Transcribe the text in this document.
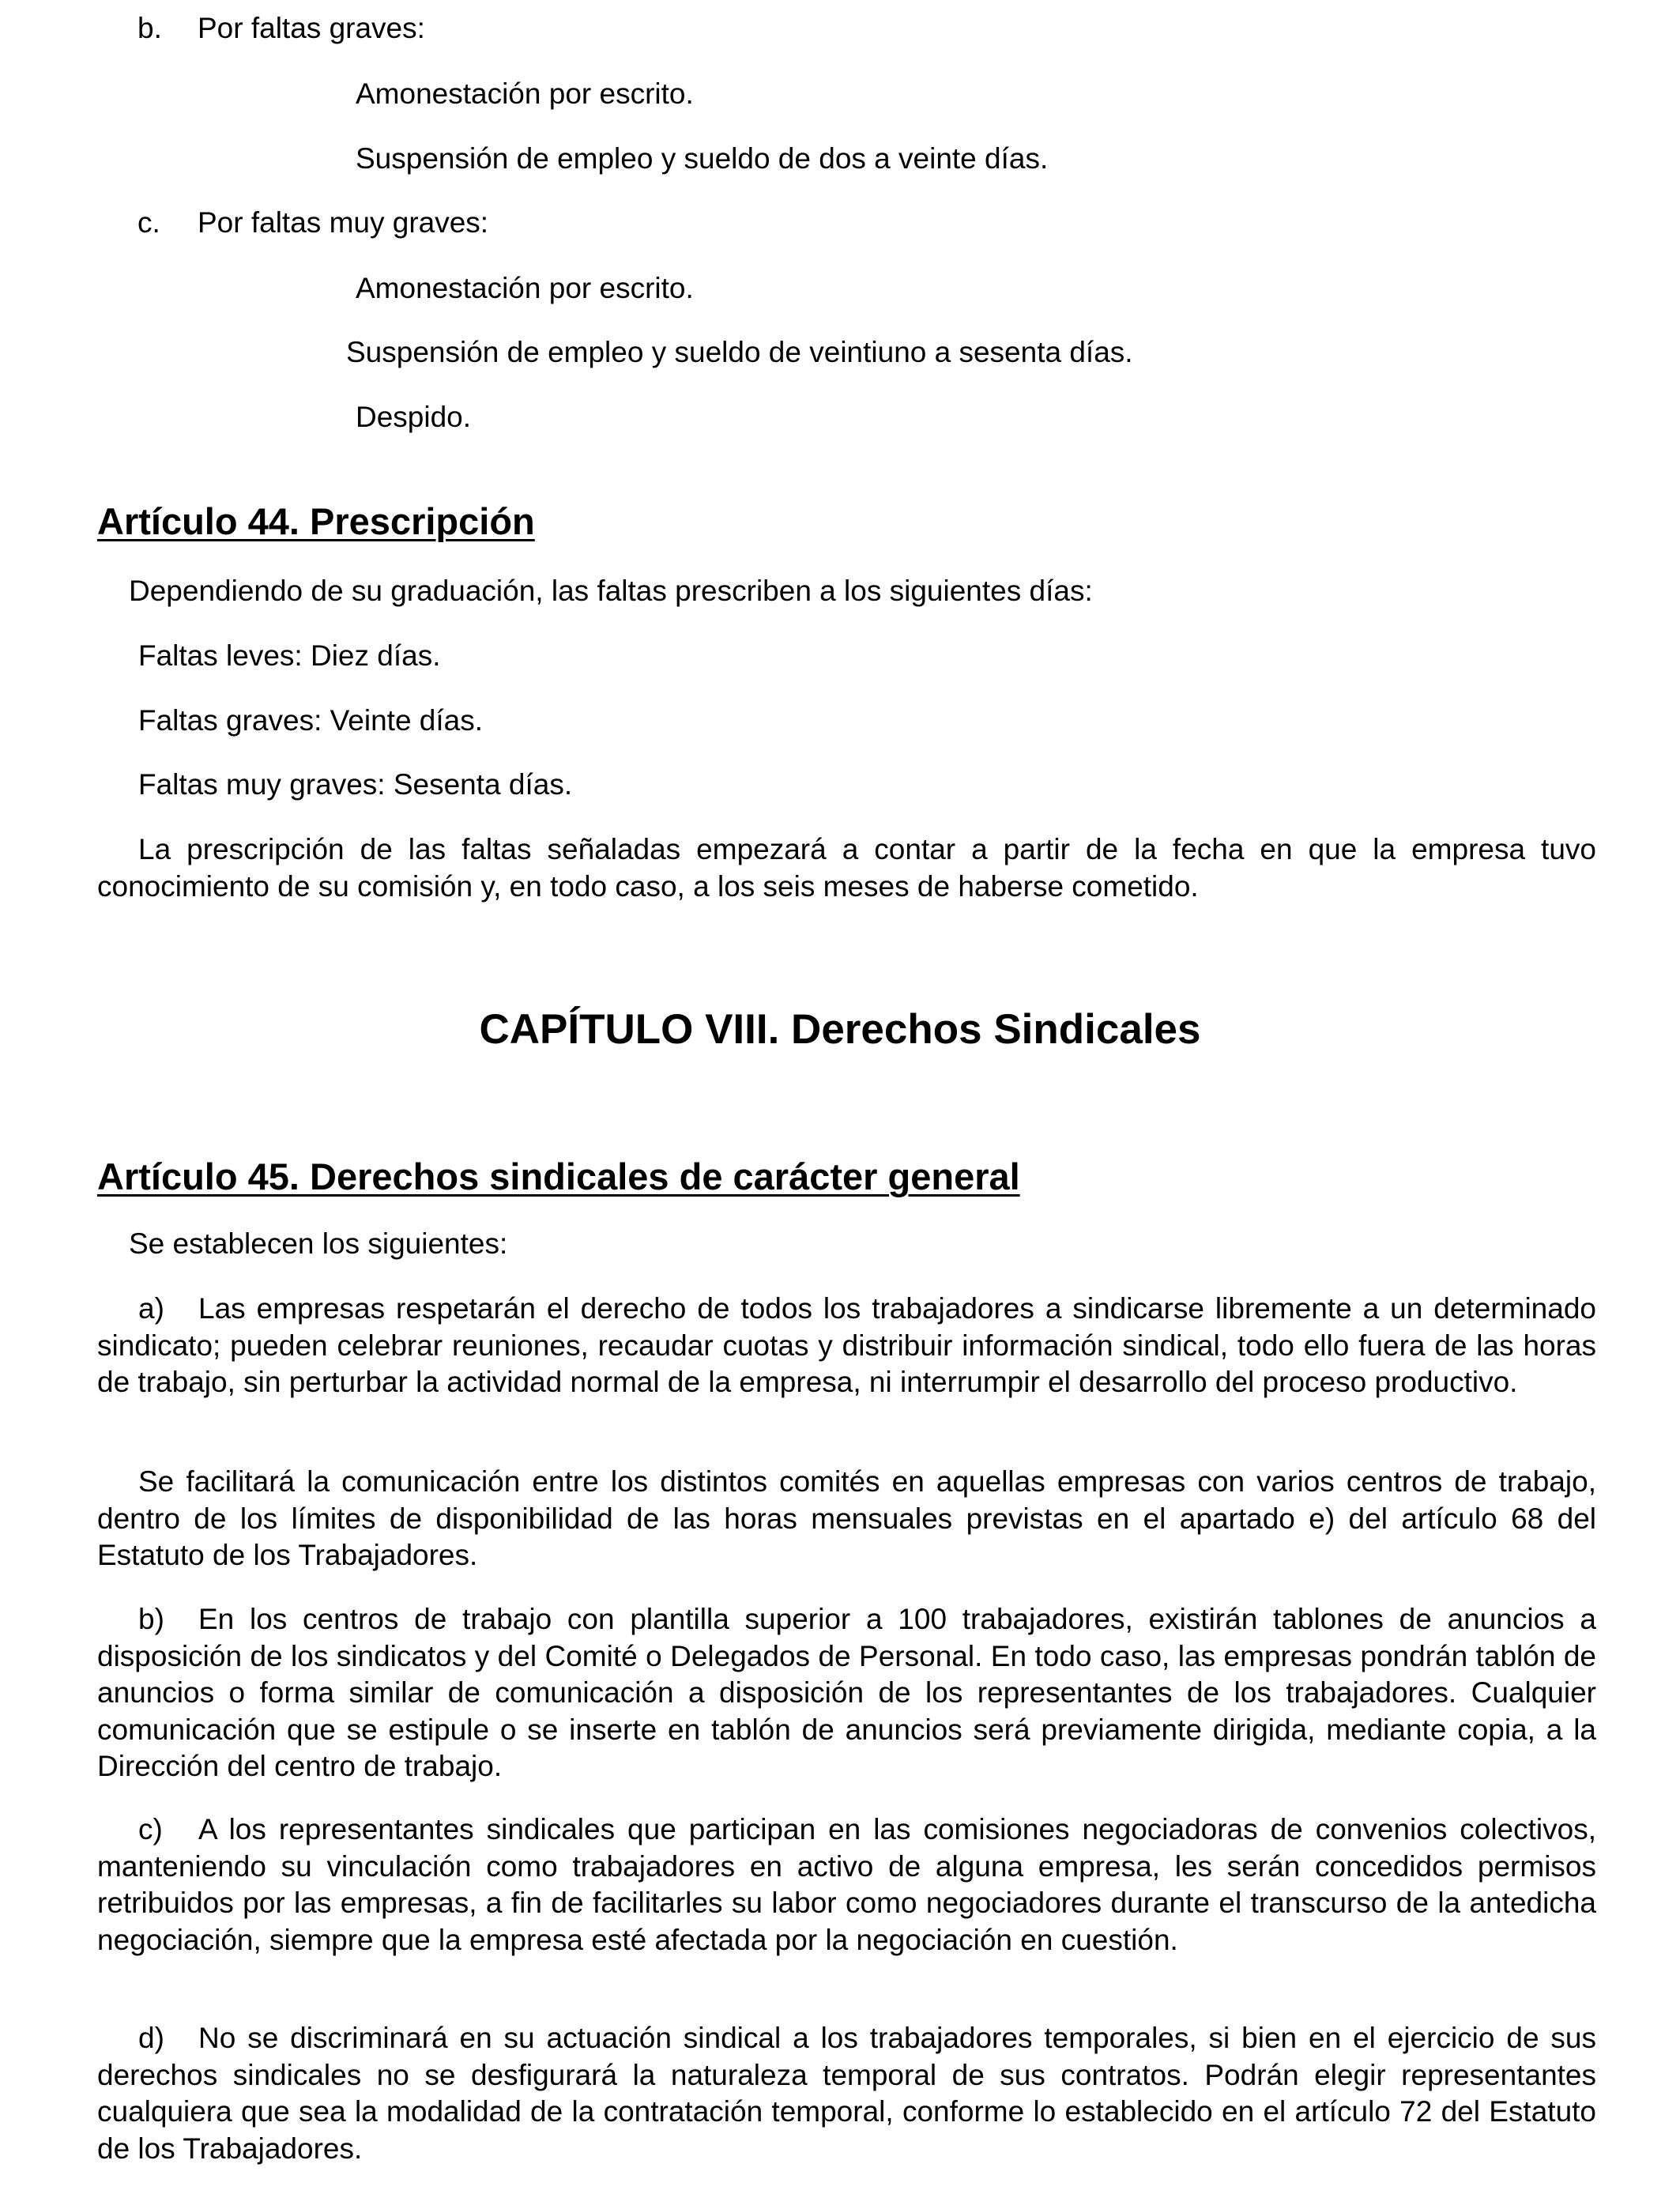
b. Por faltas graves:

Amonestación por escrito.

Suspensión de empleo y sueldo de dos a veinte días.

c. Por faltas muy graves:

Amonestación por escrito.

Suspensión de empleo y sueldo de veintiuno a sesenta días.

Despido.

Artículo 44. Prescripción

Dependiendo de su graduación, las faltas prescriben a los siguientes días:

Faltas leves: Diez días.

Faltas graves: Veinte días.

Faltas muy graves: Sesenta días.

La prescripción de las faltas señaladas empezará a contar a partir de la fecha en que la empresa tuvo conocimiento de su comisión y, en todo caso, a los seis meses de haberse cometido.

CAPÍTULO VIII. Derechos Sindicales
Artículo 45. Derechos sindicales de carácter general

Se establecen los siguientes:

a) Las empresas respetarán el derecho de todos los trabajadores a sindicarse libremente a un determinado sindicato; pueden celebrar reuniones, recaudar cuotas y distribuir información sindical, todo ello fuera de las horas de trabajo, sin perturbar la actividad normal de la empresa, ni interrumpir el desarrollo del proceso productivo.

Se facilitará la comunicación entre los distintos comités en aquellas empresas con varios centros de trabajo, dentro de los límites de disponibilidad de las horas mensuales previstas en el apartado e) del artículo 68 del Estatuto de los Trabajadores.

b) En los centros de trabajo con plantilla superior a 100 trabajadores, existirán tablones de anuncios a disposición de los sindicatos y del Comité o Delegados de Personal. En todo caso, las empresas pondrán tablón de anuncios o forma similar de comunicación a disposición de los representantes de los trabajadores. Cualquier comunicación que se estipule o se inserte en tablón de anuncios será previamente dirigida, mediante copia, a la Dirección del centro de trabajo.

c) A los representantes sindicales que participan en las comisiones negociadoras de convenios colectivos, manteniendo su vinculación como trabajadores en activo de alguna empresa, les serán concedidos permisos retribuidos por las empresas, a fin de facilitarles su labor como negociadores durante el transcurso de la antedicha negociación, siempre que la empresa esté afectada por la negociación en cuestión.

d) No se discriminará en su actuación sindical a los trabajadores temporales, si bien en el ejercicio de sus derechos sindicales no se desfigurará la naturaleza temporal de sus contratos. Podrán elegir representantes cualquiera que sea la modalidad de la contratación temporal, conforme lo establecido en el artículo 72 del Estatuto de los Trabajadores.
